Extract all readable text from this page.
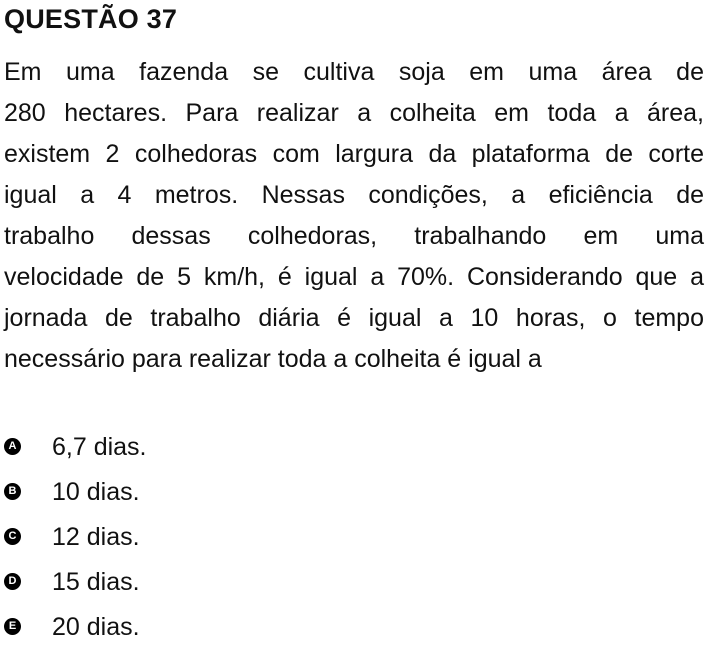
QUESTÃO 37
Em uma fazenda se cultiva soja em uma área de
280 hectares. Para realizar a colheita em toda a área,
existem 2 colhedoras com largura da plataforma de corte
igual a 4 metros. Nessas condições, a eficiência de
trabalho dessas colhedoras, trabalhando em uma
velocidade de 5 km/h, é igual a 70%. Considerando que a
jornada de trabalho diária é igual a 10 horas, o tempo
necessário para realizar toda a colheita é igual a
A 6,7 dias.
B 10 dias.
C 12 dias.
D 15 dias.
E 20 dias.
